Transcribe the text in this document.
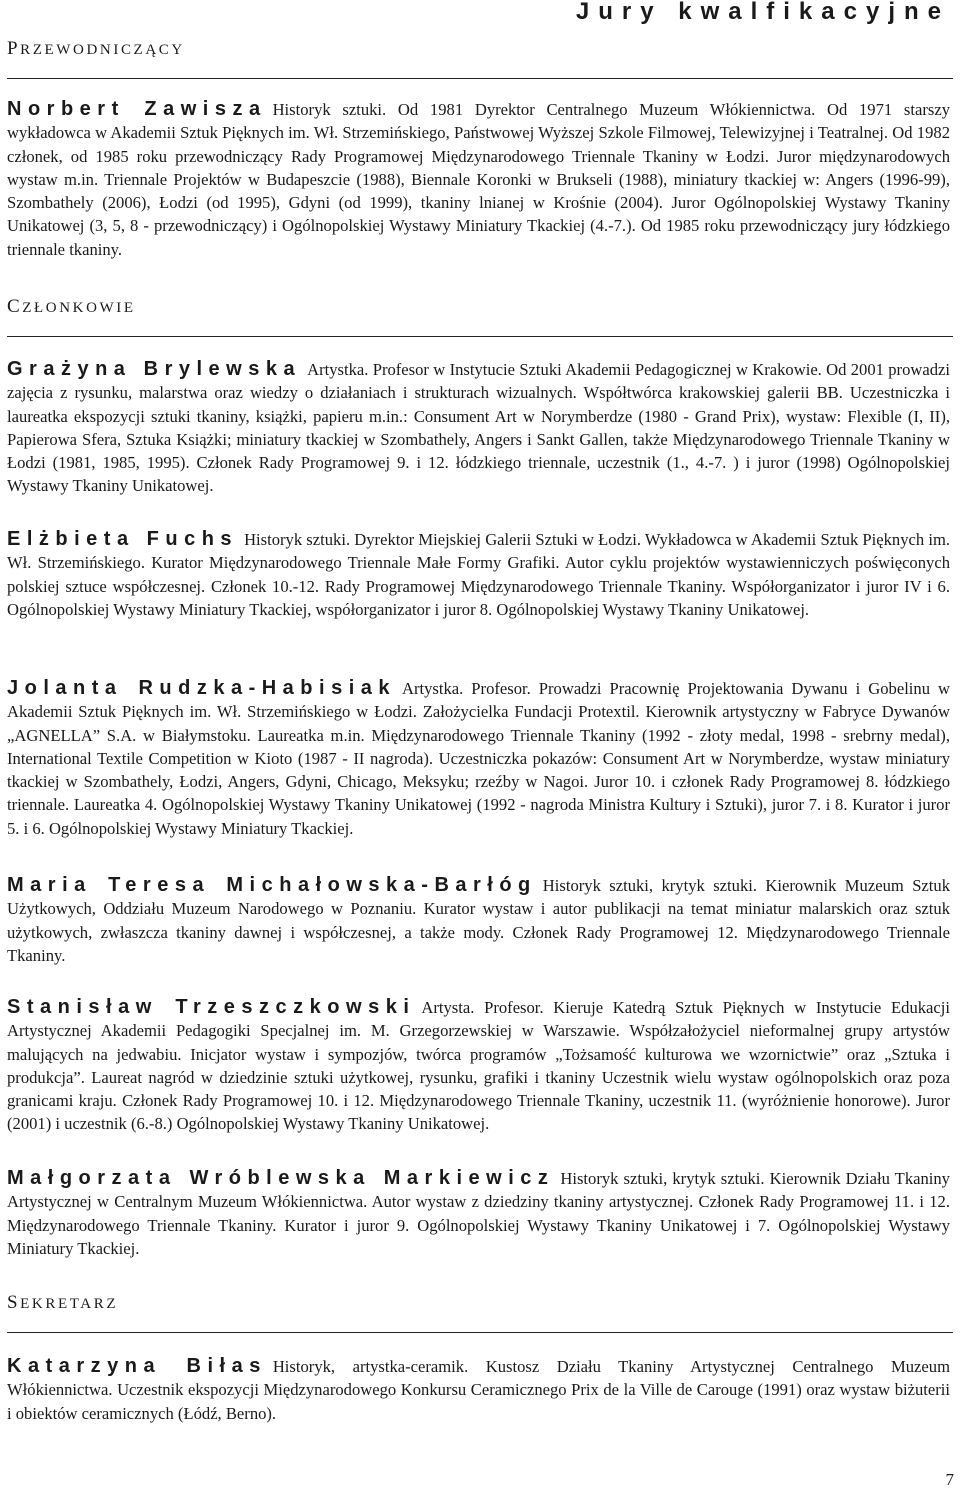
Jury kwalfikacyjne
PRZEWODNICZĄCY
Norbert Zawisza Historyk sztuki. Od 1981 Dyrektor Centralnego Muzeum Włókiennictwa. Od 1971 starszy wykładowca w Akademii Sztuk Pięknych im. Wł. Strzemińskiego, Państwowej Wyższej Szkole Filmowej, Telewizyjnej i Teatralnej. Od 1982 członek, od 1985 roku przewodniczący Rady Programowej Międzynarodowego Triennale Tkaniny w Łodzi. Juror międzynarodowych wystaw m.in. Triennale Projektów w Budapeszcie (1988), Biennale Koronki w Brukseli (1988), miniatury tkackiej w: Angers (1996-99), Szombathely (2006), Łodzi (od 1995), Gdyni (od 1999), tkaniny lnianej w Krośnie (2004). Juror Ogólnopolskiej Wystawy Tkaniny Unikatowej (3, 5, 8 - przewodniczący) i Ogólnopolskiej Wystawy Miniatury Tkackiej (4.-7.). Od 1985 roku przewodniczący jury łódzkiego triennale tkaniny.
CZŁONKOWIE
Grażyna Brylewska Artystka. Profesor w Instytucie Sztuki Akademii Pedagogicznej w Krakowie. Od 2001 prowadzi zajęcia z rysunku, malarstwa oraz wiedzy o działaniach i strukturach wizualnych. Współtwórca krakowskiej galerii BB. Uczestniczka i laureatka ekspozycji sztuki tkaniny, książki, papieru m.in.: Consument Art w Norymberdze (1980 - Grand Prix), wystaw: Flexible (I, II), Papierowa Sfera, Sztuka Książki; miniatury tkackiej w Szombathely, Angers i Sankt Gallen, także Międzynarodowego Triennale Tkaniny w Łodzi (1981, 1985, 1995). Członek Rady Programowej 9. i 12. łódzkiego triennale, uczestnik (1., 4.-7. ) i juror (1998) Ogólnopolskiej Wystawy Tkaniny Unikatowej.
Elżbieta Fuchs Historyk sztuki. Dyrektor Miejskiej Galerii Sztuki w Łodzi. Wykładowca w Akademii Sztuk Pięknych im. Wł. Strzemińskiego. Kurator Międzynarodowego Triennale Małe Formy Grafiki. Autor cyklu projektów wystawienniczych poświęconych polskiej sztuce współczesnej. Członek 10.-12. Rady Programowej Międzynarodowego Triennale Tkaniny. Współorganizator i juror IV i 6. Ogólnopolskiej Wystawy Miniatury Tkackiej, współorganizator i juror 8. Ogólnopolskiej Wystawy Tkaniny Unikatowej.
Jolanta Rudzka-Habisiak Artystka. Profesor. Prowadzi Pracownię Projektowania Dywanu i Gobelinu w Akademii Sztuk Pięknych im. Wł. Strzemińskiego w Łodzi. Założycielka Fundacji Protextil. Kierownik artystyczny w Fabryce Dywanów „AGNELLA” S.A. w Białymstoku. Laureatka m.in. Międzynarodowego Triennale Tkaniny (1992 - złoty medal, 1998 - srebrny medal), International Textile Competition w Kioto (1987 - II nagroda). Uczestniczka pokazów: Consument Art w Norymberdze, wystaw miniatury tkackiej w Szombathely, Łodzi, Angers, Gdyni, Chicago, Meksyku; rzeźby w Nagoi. Juror 10. i członek Rady Programowej 8. łódzkiego triennale. Laureatka 4. Ogólnopolskiej Wystawy Tkaniny Unikatowej (1992 - nagroda Ministra Kultury i Sztuki), juror 7. i 8. Kurator i juror 5. i 6. Ogólnopolskiej Wystawy Miniatury Tkackiej.
Maria Teresa Michałowska-Barłóg Historyk sztuki, krytyk sztuki. Kierownik Muzeum Sztuk Użytkowych, Oddziału Muzeum Narodowego w Poznaniu. Kurator wystaw i autor publikacji na temat miniatur malarskich oraz sztuk użytkowych, zwłaszcza tkaniny dawnej i współczesnej, a także mody. Członek Rady Programowej 12. Międzynarodowego Triennale Tkaniny.
Stanisław Trzeszczkowski Artysta. Profesor. Kieruje Katedrą Sztuk Pięknych w Instytucie Edukacji Artystycznej Akademii Pedagogiki Specjalnej im. M. Grzegorzewskiej w Warszawie. Współzałożyciel nieformalnej grupy artystów malujących na jedwabiu. Inicjator wystaw i sympozjów, twórca programów „Tożsamość kulturowa we wzornictwie” oraz „Sztuka i produkcja”. Laureat nagród w dziedzinie sztuki użytkowej, rysunku, grafiki i tkaniny Uczestnik wielu wystaw ogólnopolskich oraz poza granicami kraju. Członek Rady Programowej 10. i 12. Międzynarodowego Triennale Tkaniny, uczestnik 11. (wyróżnienie honorowe). Juror (2001) i uczestnik (6.-8.) Ogólnopolskiej Wystawy Tkaniny Unikatowej.
Małgorzata Wróblewska Markiewicz Historyk sztuki, krytyk sztuki. Kierownik Działu Tkaniny Artystycznej w Centralnym Muzeum Włókiennictwa. Autor wystaw z dziedziny tkaniny artystycznej. Członek Rady Programowej 11. i 12. Międzynarodowego Triennale Tkaniny. Kurator i juror 9. Ogólnopolskiej Wystawy Tkaniny Unikatowej i 7. Ogólnopolskiej Wystawy Miniatury Tkackiej.
SEKRETARZ
Katarzyna Biłas Historyk, artystka-ceramik. Kustosz Działu Tkaniny Artystycznej Centralnego Muzeum Włókiennictwa. Uczestnik ekspozycji Międzynarodowego Konkursu Ceramicznego Prix de la Ville de Carouge (1991) oraz wystaw biżuterii i obiektów ceramicznych (Łódź, Berno).
7
